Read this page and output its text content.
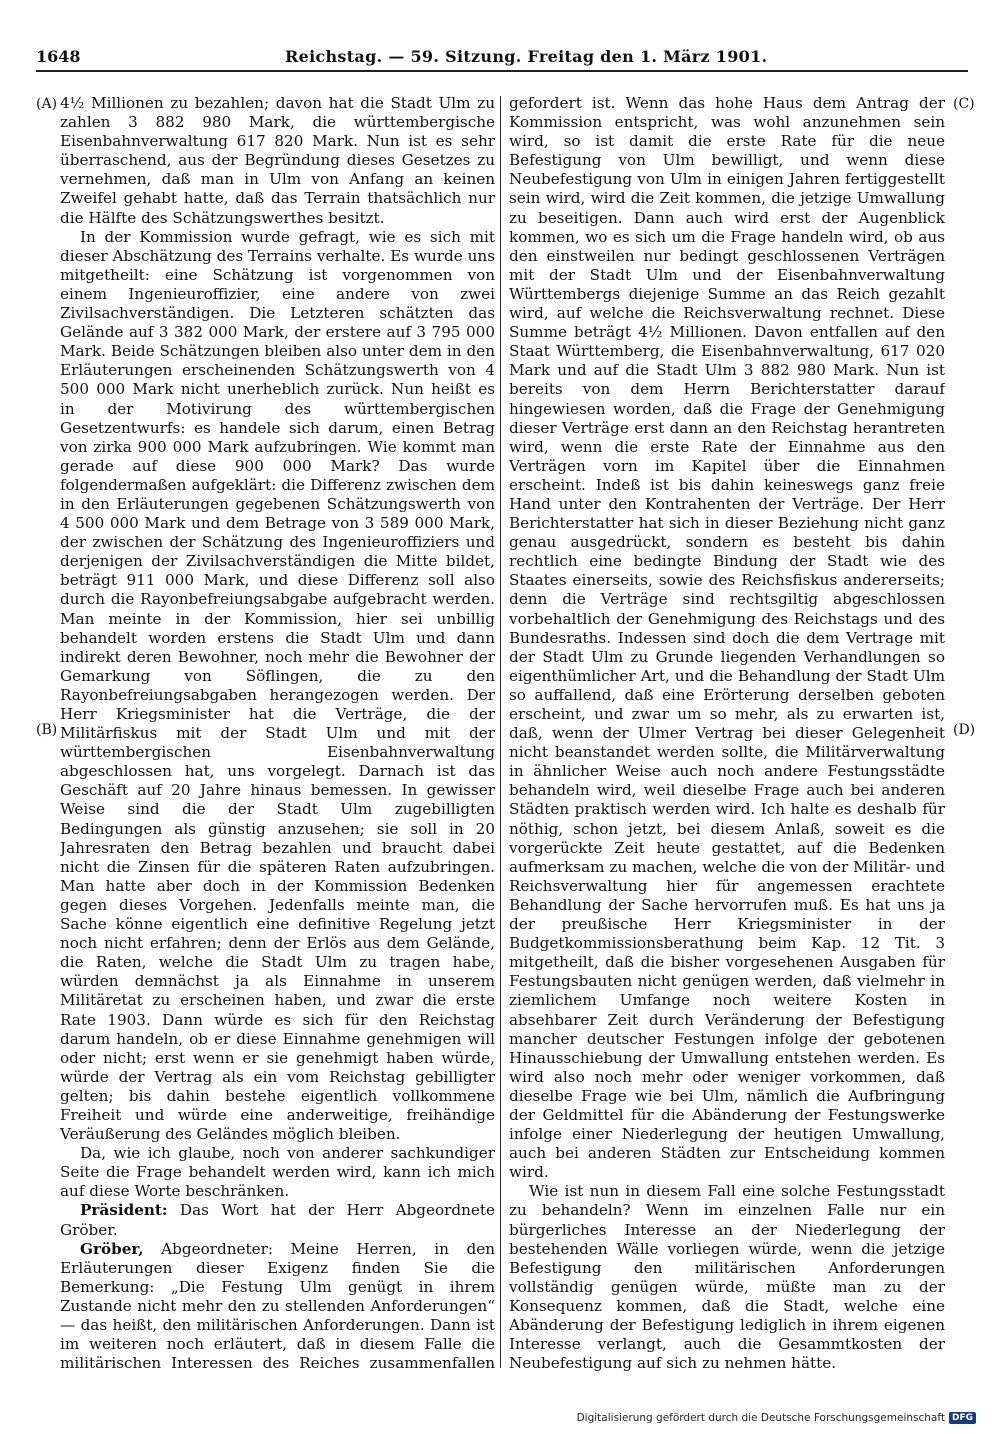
1648	Reichstag. — 59. Sitzung. Freitag den 1. März 1901.
(A)
(B)
(C)
(D)

4½ Millionen zu bezahlen; davon hat die Stadt Ulm zu zahlen 3 882 980 Mark, die württembergische Eisenbahnverwaltung 617 820 Mark. Nun ist es sehr überraschend, aus der Begründung dieses Gesetzes zu vernehmen, daß man in Ulm von Anfang an keinen Zweifel gehabt hatte, daß das Terrain thatsächlich nur die Hälfte des Schätzungswerthes besitzt.

In der Kommission wurde gefragt, wie es sich mit dieser Abschätzung des Terrains verhalte. Es wurde uns mitgetheilt: eine Schätzung ist vorgenommen von einem Ingenieuroffizier, eine andere von zwei Zivilsachverständigen. Die Letzteren schätzten das Gelände auf 3 382 000 Mark, der erstere auf 3 795 000 Mark. Beide Schätzungen bleiben also unter dem in den Erläuterungen erscheinenden Schätzungswerth von 4 500 000 Mark nicht unerheblich zurück. Nun heißt es in der Motivirung des württembergischen Gesetzentwurfs: es handele sich darum, einen Betrag von zirka 900 000 Mark aufzubringen. Wie kommt man gerade auf diese 900 000 Mark? Das wurde folgendermaßen aufgeklärt: die Differenz zwischen dem in den Erläuterungen gegebenen Schätzungswerth von 4 500 000 Mark und dem Betrage von 3 589 000 Mark, der zwischen der Schätzung des Ingenieuroffiziers und derjenigen der Zivilsachverständigen die Mitte bildet, beträgt 911 000 Mark, und diese Differenz soll also durch die Rayonbefreiungsabgabe aufgebracht werden. Man meinte in der Kommission, hier sei unbillig behandelt worden erstens die Stadt Ulm und dann indirekt deren Bewohner, noch mehr die Bewohner der Gemarkung von Söflingen, die zu den Rayonbefreiungsabgaben herangezogen werden. Der Herr Kriegsminister hat die Verträge, die der Militärfiskus mit der Stadt Ulm und mit der württembergischen Eisenbahnverwaltung abgeschlossen hat, uns vorgelegt. Darnach ist das Geschäft auf 20 Jahre hinaus bemessen. In gewisser Weise sind die der Stadt Ulm zugebilligten Bedingungen als günstig anzusehen; sie soll in 20 Jahresraten den Betrag bezahlen und braucht dabei nicht die Zinsen für die späteren Raten aufzubringen. Man hatte aber doch in der Kommission Bedenken gegen dieses Vorgehen. Jedenfalls meinte man, die Sache könne eigentlich eine definitive Regelung jetzt noch nicht erfahren; denn der Erlös aus dem Gelände, die Raten, welche die Stadt Ulm zu tragen habe, würden demnächst ja als Einnahme in unserem Militäretat zu erscheinen haben, und zwar die erste Rate 1903. Dann würde es sich für den Reichstag darum handeln, ob er diese Einnahme genehmigen will oder nicht; erst wenn er sie genehmigt haben würde, würde der Vertrag als ein vom Reichstag gebilligter gelten; bis dahin bestehe eigentlich vollkommene Freiheit und würde eine anderweitige, freihändige Veräußerung des Geländes möglich bleiben.

Da, wie ich glaube, noch von anderer sachkundiger Seite die Frage behandelt werden wird, kann ich mich auf diese Worte beschränken.

Präsident: Das Wort hat der Herr Abgeordnete Gröber.

Gröber, Abgeordneter: Meine Herren, in den Erläuterungen dieser Exigenz finden Sie die Bemerkung: „Die Festung Ulm genügt in ihrem Zustande nicht mehr den zu stellenden Anforderungen“ — das heißt, den militärischen Anforderungen. Dann ist im weiteren noch erläutert, daß in diesem Falle die militärischen Interessen des Reiches zusammenfallen

gefordert ist. Wenn das hohe Haus dem Antrag der Kommission entspricht, was wohl anzunehmen sein wird, so ist damit die erste Rate für die neue Befestigung von Ulm bewilligt, und wenn diese Neubefestigung von Ulm in einigen Jahren fertiggestellt sein wird, wird die Zeit kommen, die jetzige Umwallung zu beseitigen. Dann auch wird erst der Augenblick kommen, wo es sich um die Frage handeln wird, ob aus den einstweilen nur bedingt geschlossenen Verträgen mit der Stadt Ulm und der Eisenbahnverwaltung Württembergs diejenige Summe an das Reich gezahlt wird, auf welche die Reichsverwaltung rechnet. Diese Summe beträgt 4½ Millionen. Davon entfallen auf den Staat Württemberg, die Eisenbahnverwaltung, 617 020 Mark und auf die Stadt Ulm 3 882 980 Mark. Nun ist bereits von dem Herrn Berichterstatter darauf hingewiesen worden, daß die Frage der Genehmigung dieser Verträge erst dann an den Reichstag herantreten wird, wenn die erste Rate der Einnahme aus den Verträgen vorn im Kapitel über die Einnahmen erscheint. Indeß ist bis dahin keineswegs ganz freie Hand unter den Kontrahenten der Verträge. Der Herr Berichterstatter hat sich in dieser Beziehung nicht ganz genau ausgedrückt, sondern es besteht bis dahin rechtlich eine bedingte Bindung der Stadt wie des Staates einerseits, sowie des Reichsfiskus andererseits; denn die Verträge sind rechtsgiltig abgeschlossen vorbehaltlich der Genehmigung des Reichstags und des Bundesraths. Indessen sind doch die dem Vertrage mit der Stadt Ulm zu Grunde liegenden Verhandlungen so eigenthümlicher Art, und die Behandlung der Stadt Ulm so auffallend, daß eine Erörterung derselben geboten erscheint, und zwar um so mehr, als zu erwarten ist, daß, wenn der Ulmer Vertrag bei dieser Gelegenheit nicht beanstandet werden sollte, die Militärverwaltung in ähnlicher Weise auch noch andere Festungsstädte behandeln wird, weil dieselbe Frage auch bei anderen Städten praktisch werden wird. Ich halte es deshalb für nöthig, schon jetzt, bei diesem Anlaß, soweit es die vorgerückte Zeit heute gestattet, auf die Bedenken aufmerksam zu machen, welche die von der Militär- und Reichsverwaltung hier für angemessen erachtete Behandlung der Sache hervorrufen muß. Es hat uns ja der preußische Herr Kriegsminister in der Budgetkommissionsberathung beim Kap. 12 Tit. 3 mitgetheilt, daß die bisher vorgesehenen Ausgaben für Festungsbauten nicht genügen werden, daß vielmehr in ziemlichem Umfange noch weitere Kosten in absehbarer Zeit durch Veränderung der Befestigung mancher deutscher Festungen infolge der gebotenen Hinausschiebung der Umwallung entstehen werden. Es wird also noch mehr oder weniger vorkommen, daß dieselbe Frage wie bei Ulm, nämlich die Aufbringung der Geldmittel für die Abänderung der Festungswerke infolge einer Niederlegung der heutigen Umwallung, auch bei anderen Städten zur Entscheidung kommen wird.

Wie ist nun in diesem Fall eine solche Festungsstadt zu behandeln? Wenn im einzelnen Falle nur ein bürgerliches Interesse an der Niederlegung der bestehenden Wälle vorliegen würde, wenn die jetzige Befestigung den militärischen Anforderungen vollständig genügen würde, müßte man zu der Konsequenz kommen, daß die Stadt, welche eine Abänderung der Befestigung lediglich in ihrem eigenen Interesse verlangt, auch die Gesammtkosten der Neubefestigung auf sich zu nehmen hätte.

Digitalisierung gefördert durch die Deutsche Forschungsgemeinschaft DFG
